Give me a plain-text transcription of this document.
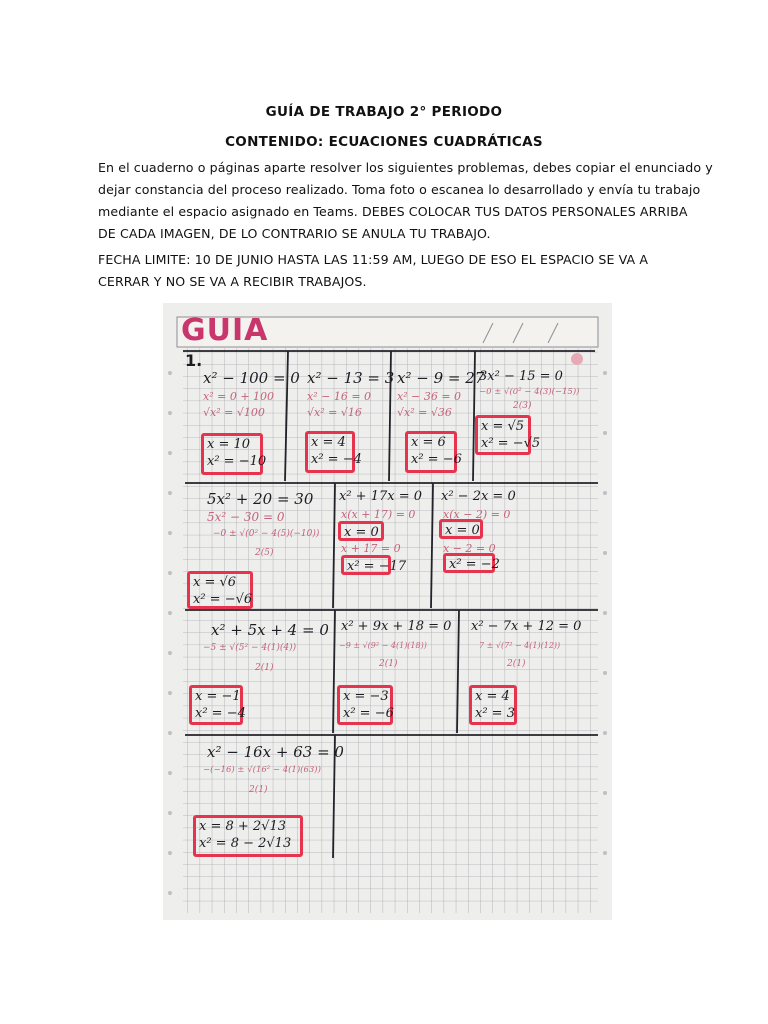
GUÍA DE TRABAJO 2° PERIODO
CONTENIDO: ECUACIONES CUADRÁTICAS
En el cuaderno o páginas aparte resolver los siguientes problemas, debes copiar el enunciado y
dejar constancia del proceso realizado. Toma foto o escanea lo desarrollado y envía tu trabajo
mediante el espacio asignado en Teams. DEBES COLOCAR TUS DATOS PERSONALES ARRIBA
DE CADA IMAGEN, DE LO CONTRARIO SE ANULA TU TRABAJO.
FECHA LIMITE: 10 DE JUNIO HASTA LAS 11:59 AM, LUEGO DE ESO EL ESPACIO SE VA A
CERRAR Y NO SE VA A RECIBIR TRABAJOS.
GUIA
1.
x² − 100 = 0
x² = 0 + 100
√x² = √100
x = 10
x² = −10
x² − 13 = 3
x² − 16 = 0
√x² = √16
x = 4
x² = −4
x² − 9 = 27
x² − 36 = 0
√x² = √36
x = 6
x² = −6
3x² − 15 = 0
−0 ± √(0² − 4(3)(−15))
2(3)
x = √5
x² = −√5
5x² + 20 = 30
5x² − 30 = 0
−0 ± √(0² − 4(5)(−10))
2(5)
x = √6
x² = −√6
x² + 17x = 0
x(x + 17) = 0
x + 17 = 0
x = 0
x² = −17
x² − 2x = 0
x(x − 2) = 0
x − 2 = 0
x = 0
x² = −2
x² + 5x + 4 = 0
−5 ± √(5² − 4(1)(4))
2(1)
x = −1
x² = −4
x² + 9x + 18 = 0
−9 ± √(9² − 4(1)(18))
2(1)
x = −3
x² = −6
x² − 7x + 12 = 0
7 ± √(7² − 4(1)(12))
2(1)
x = 4
x² = 3
x² − 16x + 63 = 0
−(−16) ± √(16² − 4(1)(63))
2(1)
x = 8 + 2√13
x² = 8 − 2√13
